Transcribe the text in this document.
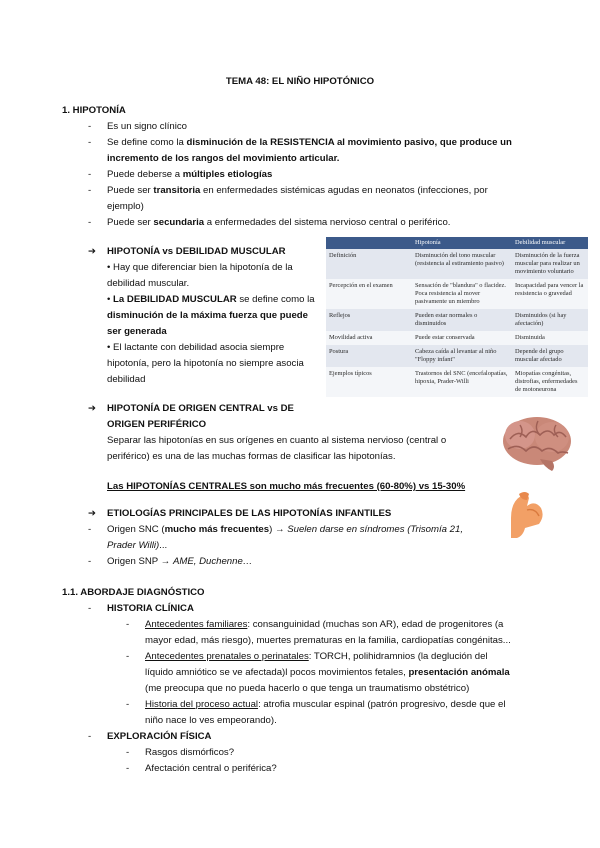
TEMA 48: EL NIÑO HIPOTÓNICO
1. HIPOTONÍA
- Es un signo clínico
- Se define como la disminución de la RESISTENCIA al movimiento pasivo, que produce un
incremento de los rangos del movimiento articular.
- Puede deberse a múltiples etiologías
- Puede ser transitoria en enfermedades sistémicas agudas en neonatos (infecciones, por
ejemplo)
- Puede ser secundaria a enfermedades del sistema nervioso central o periférico.
➔ HIPOTONÍA vs DEBILIDAD MUSCULAR
• Hay que diferenciar bien la hipotonía de la
debilidad muscular.
• La DEBILIDAD MUSCULAR se define como la
disminución de la máxima fuerza que puede
ser generada
• El lactante con debilidad asocia siempre
hipotonía, pero la hipotonía no siempre asocia
debilidad
	Hipotonía	Debilidad muscular
Definición	Disminución del tono muscular (resistencia al estiramiento pasivo)	Disminución de la fuerza muscular para realizar un movimiento voluntario
Percepción en el examen	Sensación de "blandura" o flacidez. Poca resistencia al mover pasivamente un miembro	Incapacidad para vencer la resistencia o gravedad
Reflejos	Pueden estar normales o disminuidos	Disminuidos (si hay afectación)
Movilidad activa	Puede estar conservada	Disminuida
Postura	Cabeza caída al levantar al niño "Floppy infant"	Depende del grupo muscular afectado
Ejemplos típicos	Trastornos del SNC (encefalopatías, hipoxia, Prader-Willi	Miopatías congénitas, distrofias, enfermedades de motoneurona
➔ HIPOTONÍA DE ORIGEN CENTRAL vs DE
ORIGEN PERIFÉRICO
Separar las hipotonías en sus orígenes en cuanto al sistema nervioso (central o
periférico) es una de las muchas formas de clasificar las hipotonías.
Las HIPOTONÍAS CENTRALES son mucho más frecuentes (60-80%) vs 15-30%
➔ ETIOLOGÍAS PRINCIPALES DE LAS HIPOTONÍAS INFANTILES
- Origen SNC (mucho más frecuentes) → Suelen darse en síndromes (Trisomía 21,
Prader Willi)...
- Origen SNP → AME, Duchenne…
1.1. ABORDAJE DIAGNÓSTICO
- HISTORIA CLÍNICA
- Antecedentes familiares: consanguinidad (muchas son AR), edad de progenitores (a
mayor edad, más riesgo), muertes prematuras en la familia, cardiopatías congénitas...
- Antecedentes prenatales o perinatales: TORCH, polihidramnios (la deglución del
líquido amniótico se ve afectada)l pocos movimientos fetales, presentación anómala
(me preocupa que no pueda hacerlo o que tenga un traumatismo obstétrico)
- Historia del proceso actual: atrofia muscular espinal (patrón progresivo, desde que el
niño nace lo ves empeorando).
- EXPLORACIÓN FÍSICA
- Rasgos dismórficos?
- Afectación central o periférica?
